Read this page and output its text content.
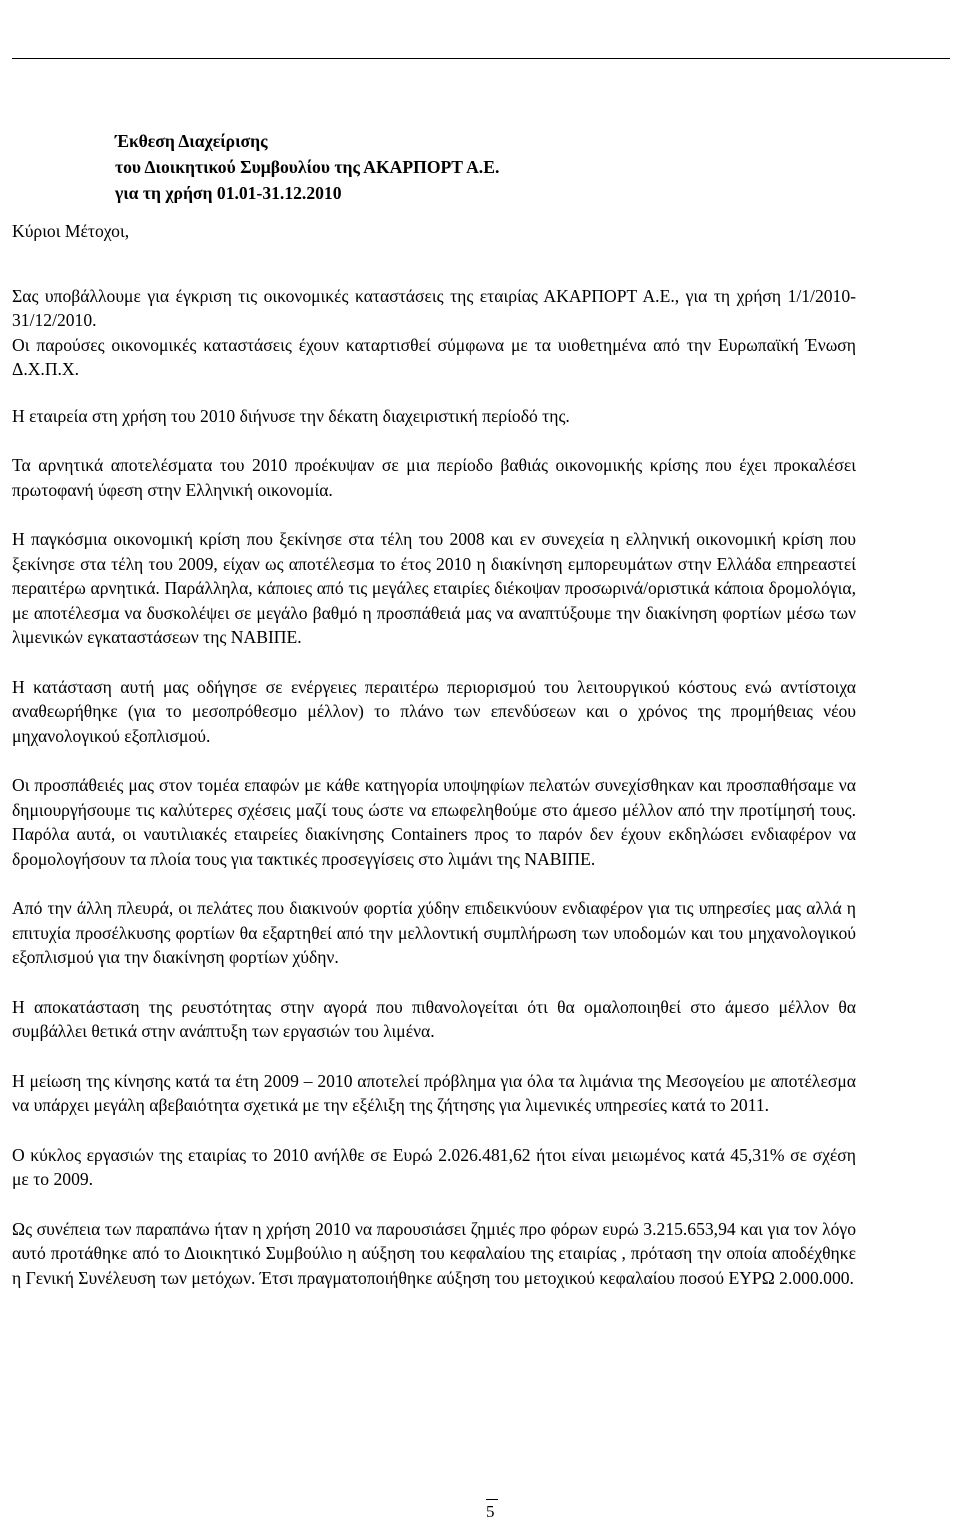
ΑΚΑΡΠΟΡΤ Α.Ε.
ΟΙΚΟΝΟΜΙΚΕΣ ΚΑΤΑΣΤΑΣΕΙΣ
ΤΗΣ $31^{H\Sigma}$ ΔΕΚΕΜΒΡΙΟΥ 2010
Έκθεση Διαχείρισης
του Διοικητικού Συμβουλίου της ΑΚΑΡΠΟΡΤ Α.Ε.
για τη χρήση 01.01-31.12.2010
Κύριοι Μέτοχοι,
Σας υποβάλλουμε για έγκριση τις οικονομικές καταστάσεις της εταιρίας ΑΚΑΡΠΟΡΤ Α.Ε., για τη χρήση 1/1/2010-31/12/2010.
Οι παρούσες οικονομικές καταστάσεις έχουν καταρτισθεί σύμφωνα με τα υιοθετημένα από την Ευρωπαϊκή Ένωση Δ.Χ.Π.Χ.
Η εταιρεία στη χρήση του 2010 διήνυσε την δέκατη διαχειριστική περίοδό της.
Τα αρνητικά αποτελέσματα του 2010 προέκυψαν σε μια περίοδο βαθιάς οικονομικής κρίσης που έχει προκαλέσει πρωτοφανή ύφεση στην Ελληνική οικονομία.
Η παγκόσμια οικονομική κρίση που ξεκίνησε στα τέλη του 2008 και εν συνεχεία η ελληνική οικονομική κρίση που ξεκίνησε στα τέλη του 2009, είχαν ως αποτέλεσμα το έτος 2010 η διακίνηση εμπορευμάτων στην Ελλάδα επηρεαστεί περαιτέρω αρνητικά. Παράλληλα, κάποιες από τις μεγάλες εταιρίες διέκοψαν προσωρινά/οριστικά κάποια δρομολόγια, με αποτέλεσμα να δυσκολέψει σε μεγάλο βαθμό η προσπάθειά μας να αναπτύξουμε την διακίνηση φορτίων μέσω των λιμενικών εγκαταστάσεων της ΝΑΒΙΠΕ.
Η κατάσταση αυτή μας οδήγησε σε ενέργειες περαιτέρω περιορισμού του λειτουργικού κόστους ενώ αντίστοιχα αναθεωρήθηκε (για το μεσοπρόθεσμο μέλλον) το πλάνο των επενδύσεων και ο χρόνος της προμήθειας νέου μηχανολογικού εξοπλισμού.
Οι προσπάθειές μας στον τομέα επαφών με κάθε κατηγορία υποψηφίων πελατών συνεχίσθηκαν και προσπαθήσαμε να δημιουργήσουμε τις καλύτερες σχέσεις μαζί τους ώστε να επωφεληθούμε στο άμεσο μέλλον από την προτίμησή τους. Παρόλα αυτά, οι ναυτιλιακές εταιρείες διακίνησης Containers προς το παρόν δεν έχουν εκδηλώσει ενδιαφέρον να δρομολογήσουν τα πλοία τους για τακτικές προσεγγίσεις στο λιμάνι της ΝΑΒΙΠΕ.
Από την άλλη πλευρά, οι πελάτες που διακινούν φορτία χύδην επιδεικνύουν ενδιαφέρον για τις υπηρεσίες μας αλλά η επιτυχία προσέλκυσης φορτίων θα εξαρτηθεί από την μελλοντική συμπλήρωση των υποδομών και του μηχανολογικού εξοπλισμού για την διακίνηση φορτίων χύδην.
Η αποκατάσταση της ρευστότητας στην αγορά που πιθανολογείται ότι θα ομαλοποιηθεί στο άμεσο μέλλον θα συμβάλλει θετικά στην ανάπτυξη των εργασιών του λιμένα.
Η μείωση της κίνησης κατά τα έτη 2009 – 2010 αποτελεί πρόβλημα για όλα τα λιμάνια της Μεσογείου με αποτέλεσμα να υπάρχει μεγάλη αβεβαιότητα σχετικά με την εξέλιξη της ζήτησης για λιμενικές υπηρεσίες κατά το 2011.
Ο κύκλος εργασιών της εταιρίας το 2010 ανήλθε σε Ευρώ 2.026.481,62 ήτοι είναι μειωμένος κατά 45,31% σε σχέση με το 2009.
Ως συνέπεια των παραπάνω ήταν η χρήση 2010 να παρουσιάσει ζημιές προ φόρων ευρώ 3.215.653,94 και για τον λόγο αυτό προτάθηκε από το Διοικητικό Συμβούλιο η αύξηση του κεφαλαίου της εταιρίας , πρόταση την οποία αποδέχθηκε η Γενική Συνέλευση των μετόχων. Έτσι πραγματοποιήθηκε αύξηση του μετοχικού κεφαλαίου ποσού ΕΥΡΩ 2.000.000.
5
